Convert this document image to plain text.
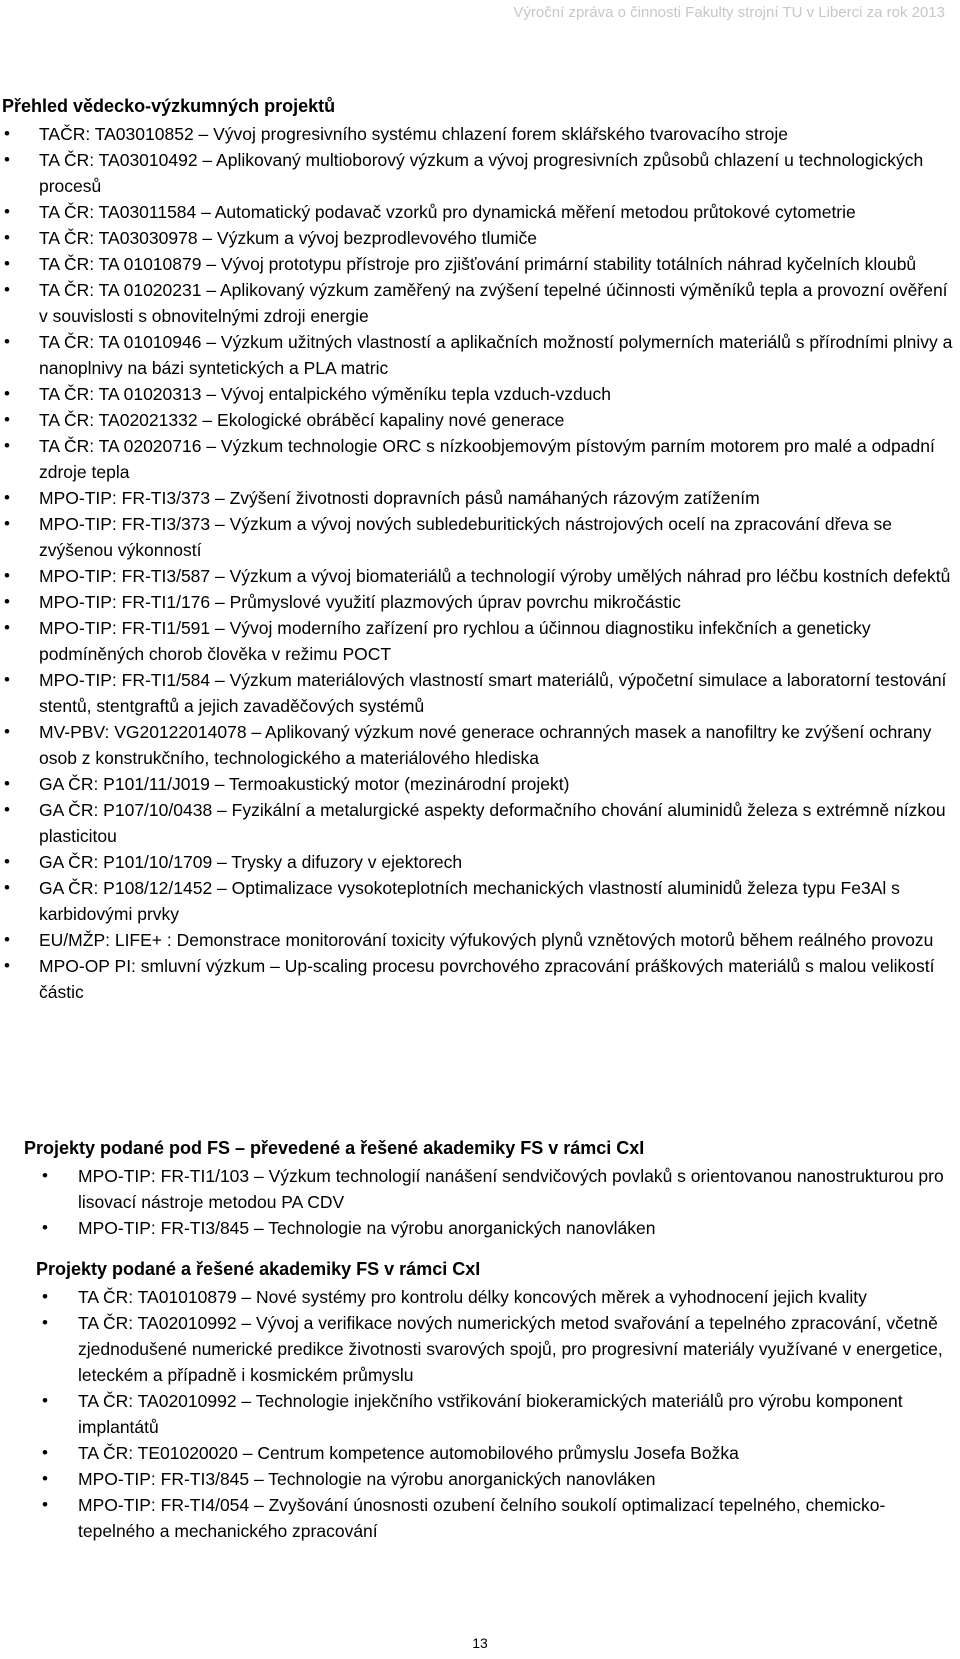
Výroční zpráva o činnosti Fakulty strojní TU v Liberci za rok 2013
Přehled vědecko-výzkumných projektů
• TAČR: TA03010852 – Vývoj progresivního systému chlazení forem sklářského tvarovacího stroje
• TA ČR: TA03010492 – Aplikovaný multioborový výzkum a vývoj progresivních způsobů chlazení u technologických procesů
• TA ČR: TA03011584 – Automatický podavač vzorků pro dynamická měření metodou průtokové cytometrie
• TA ČR: TA03030978 – Výzkum a vývoj bezprodlevového tlumiče
• TA ČR: TA 01010879 – Vývoj prototypu přístroje pro zjišťování primární stability totálních náhrad kyčelních kloubů
• TA ČR: TA 01020231 – Aplikovaný výzkum zaměřený na zvýšení tepelné účinnosti výměníků tepla a provozní ověření v souvislosti s obnovitelnými zdroji energie
• TA ČR: TA 01010946 – Výzkum užitných vlastností a aplikačních možností polymerních materiálů s přírodními plnivy a nanoplnivy na bázi syntetických a PLA matric
• TA ČR: TA 01020313 – Vývoj entalpického výměníku tepla vzduch-vzduch
• TA ČR: TA02021332 – Ekologické obráběcí kapaliny nové generace
• TA ČR: TA 02020716 – Výzkum technologie ORC s nízkoobjemovým pístovým parním motorem pro malé a odpadní zdroje tepla
• MPO-TIP: FR-TI3/373 – Zvýšení životnosti dopravních pásů namáhaných rázovým zatížením
• MPO-TIP: FR-TI3/373 – Výzkum a vývoj nových subledeburitických nástrojových ocelí na zpracování dřeva se zvýšenou výkonností
• MPO-TIP: FR-TI3/587 – Výzkum a vývoj biomateriálů a technologií výroby umělých náhrad pro léčbu kostních defektů
• MPO-TIP: FR-TI1/176 – Průmyslové využití plazmových úprav povrchu mikročástic
• MPO-TIP: FR-TI1/591 – Vývoj moderního zařízení pro rychlou a účinnou diagnostiku infekčních a geneticky podmíněných chorob člověka v režimu POCT
• MPO-TIP: FR-TI1/584 – Výzkum materiálových vlastností smart materiálů, výpočetní simulace a laboratorní testování stentů, stentgraftů a jejich zavaděčových systémů
• MV-PBV: VG20122014078 – Aplikovaný výzkum nové generace ochranných masek a nanofiltry ke zvýšení ochrany osob z konstrukčního, technologického a materiálového hlediska
• GA ČR: P101/11/J019 – Termoakustický motor (mezinárodní projekt)
• GA ČR: P107/10/0438 – Fyzikální a metalurgické aspekty deformačního chování aluminidů železa s extrémně nízkou plasticitou
• GA ČR: P101/10/1709 – Trysky a difuzory v ejektorech
• GA ČR: P108/12/1452 – Optimalizace vysokoteplotních mechanických vlastností aluminidů železa typu Fe3Al s karbidovými prvky
• EU/MŽP: LIFE+ : Demonstrace monitorování toxicity výfukových plynů vznětových motorů během reálného provozu
• MPO-OP PI: smluvní výzkum – Up-scaling procesu povrchového zpracování práškových materiálů s malou velikostí částic
Projekty podané pod FS – převedené a řešené akademiky FS v rámci CxI
• MPO-TIP: FR-TI1/103 – Výzkum technologií nanášení sendvičových povlaků s orientovanou nanostrukturou pro lisovací nástroje metodou PA CDV
• MPO-TIP: FR-TI3/845 – Technologie na výrobu anorganických nanovláken
Projekty podané a řešené akademiky FS v rámci CxI
• TA ČR: TA01010879 – Nové systémy pro kontrolu délky koncových měrek a vyhodnocení jejich kvality
• TA ČR: TA02010992 – Vývoj a verifikace nových numerických metod svařování a tepelného zpracování, včetně zjednodušené numerické predikce životnosti svarových spojů, pro progresivní materiály využívané v energetice, leteckém a případně i kosmickém průmyslu
• TA ČR: TA02010992 – Technologie injekčního vstřikování biokeramických materiálů pro výrobu komponent implantátů
• TA ČR: TE01020020 – Centrum kompetence automobilového průmyslu Josefa Božka
• MPO-TIP: FR-TI3/845 – Technologie na výrobu anorganických nanovláken
• MPO-TIP: FR-TI4/054 – Zvyšování únosnosti ozubení čelního soukolí optimalizací tepelného, chemicko-tepelného a mechanického zpracování
13
